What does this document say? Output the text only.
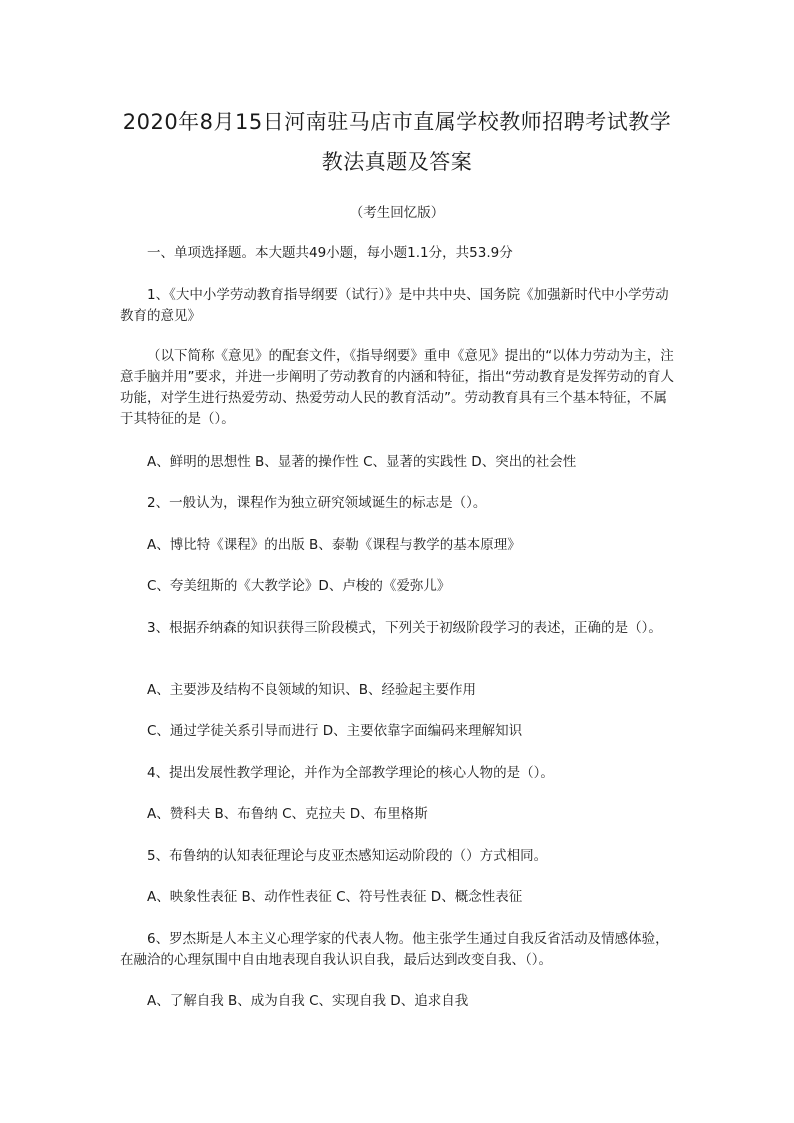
2020年8月15日河南驻马店市直属学校教师招聘考试教学
教法真题及答案
（考生回忆版）
一、单项选择题。本大题共49小题，每小题1.1分，共53.9分
1、《大中小学劳动教育指导纲要（试行）》是中共中央、国务院《加强新时代中小学劳动教育的意见》
（以下简称《意见》的配套文件，《指导纲要》重申《意见》提出的“以体力劳动为主，注意手脑并用”要求，并进一步阐明了劳动教育的内涵和特征，指出“劳动教育是发挥劳动的育人功能，对学生进行热爱劳动、热爱劳动人民的教育活动”。劳动教育具有三个基本特征，不属于其特征的是（）。
A、鲜明的思想性 B、显著的操作性 C、显著的实践性 D、突出的社会性
2、一般认为，课程作为独立研究领域诞生的标志是（）。
A、博比特《课程》的出版 B、泰勒《课程与教学的基本原理》
C、夸美纽斯的《大教学论》D、卢梭的《爱弥儿》
3、根据乔纳森的知识获得三阶段模式，下列关于初级阶段学习的表述，正确的是（）。
A、主要涉及结构不良领域的知识、B、经验起主要作用
C、通过学徒关系引导而进行 D、主要依靠字面编码来理解知识
4、提出发展性教学理论，并作为全部教学理论的核心人物的是（）。
A、赞科夫 B、布鲁纳 C、克拉夫 D、布里格斯
5、布鲁纳的认知表征理论与皮亚杰感知运动阶段的（）方式相同。
A、映象性表征 B、动作性表征 C、符号性表征 D、概念性表征
6、罗杰斯是人本主义心理学家的代表人物。他主张学生通过自我反省活动及情感体验，在融洽的心理氛围中自由地表现自我认识自我，最后达到改变自我、（）。
A、了解自我 B、成为自我 C、实现自我 D、追求自我
